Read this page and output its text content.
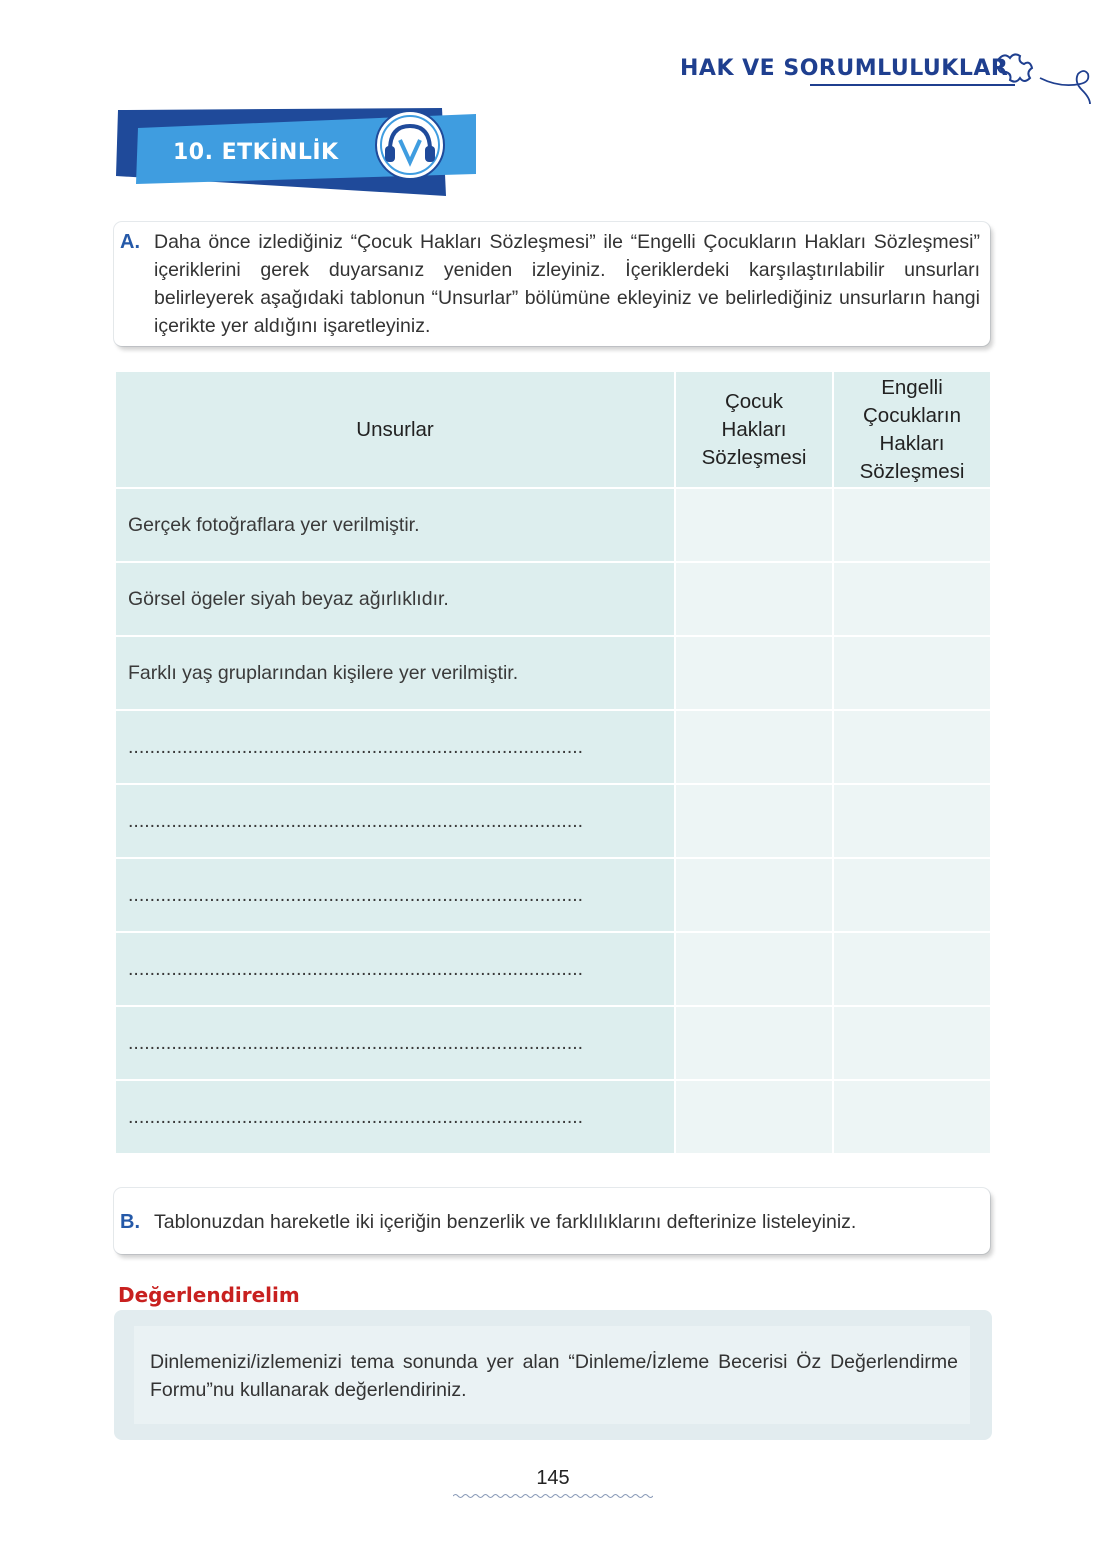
HAK VE SORUMLULUKLAR
10. ETKİNLİK
A. Daha önce izlediğiniz “Çocuk Hakları Sözleşmesi” ile “Engelli Çocukların Hakları Sözleşmesi” içeriklerini gerek duyarsanız yeniden izleyiniz. İçeriklerdeki karşılaştırılabilir unsurları belirleyerek aşağıdaki tablonun “Unsurlar” bölümüne ekleyiniz ve belirlediğiniz unsurların hangi içerikte yer aldığını işaretleyiniz.
Unsurlar	Çocuk Hakları Sözleşmesi	Engelli Çocukların Hakları Sözleşmesi
Gerçek fotoğraflara yer verilmiştir.		
Görsel ögeler siyah beyaz ağırlıklıdır.		
Farklı yaş gruplarından kişilere yer verilmiştir.		
....................................................................................		
....................................................................................		
....................................................................................		
....................................................................................		
....................................................................................		
....................................................................................		
B. Tablonuzdan hareketle iki içeriğin benzerlik ve farklılıklarını defterinize listeleyiniz.
Değerlendirelim
Dinlemenizi/izlemenizi tema sonunda yer alan “Dinleme/İzleme Becerisi Öz Değerlendirme Formu”nu kullanarak değerlendiriniz.
145
